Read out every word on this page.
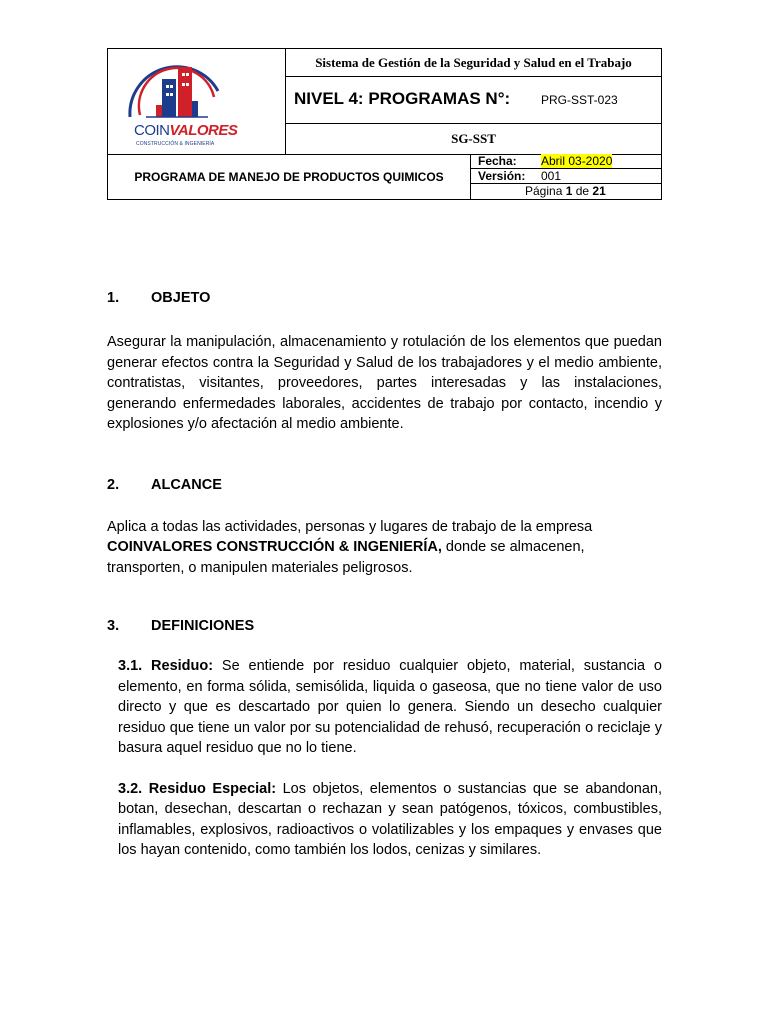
COINVALORES
CONSTRUCCIÓN & INGENIERÍA
Sistema de Gestión de la Seguridad y Salud en el Trabajo
NIVEL 4: PROGRAMAS N°:	PRG-SST-023
SG-SST
PROGRAMA DE MANEJO DE PRODUCTOS QUIMICOS
Fecha: Abril 03-2020
Versión: 001
Página 1 de 21
1. OBJETO

Asegurar la manipulación, almacenamiento y rotulación de los elementos que puedan generar efectos contra la Seguridad y Salud de los trabajadores y el medio ambiente, contratistas, visitantes, proveedores, partes interesadas y las instalaciones, generando enfermedades laborales, accidentes de trabajo por contacto, incendio y explosiones y/o afectación al medio ambiente.

2. ALCANCE

Aplica a todas las actividades, personas y lugares de trabajo de la empresa COINVALORES CONSTRUCCIÓN & INGENIERÍA, donde se almacenen, transporten, o manipulen materiales peligrosos.

3. DEFINICIONES

3.1. Residuo: Se entiende por residuo cualquier objeto, material, sustancia o elemento, en forma sólida, semisólida, liquida o gaseosa, que no tiene valor de uso directo y que es descartado por quien lo genera. Siendo un desecho cualquier residuo que tiene un valor por su potencialidad de rehusó, recuperación o reciclaje y basura aquel residuo que no lo tiene.

3.2. Residuo Especial: Los objetos, elementos o sustancias que se abandonan, botan, desechan, descartan o rechazan y sean patógenos, tóxicos, combustibles, inflamables, explosivos, radioactivos o volatilizables y los empaques y envases que los hayan contenido, como también los lodos, cenizas y similares.
